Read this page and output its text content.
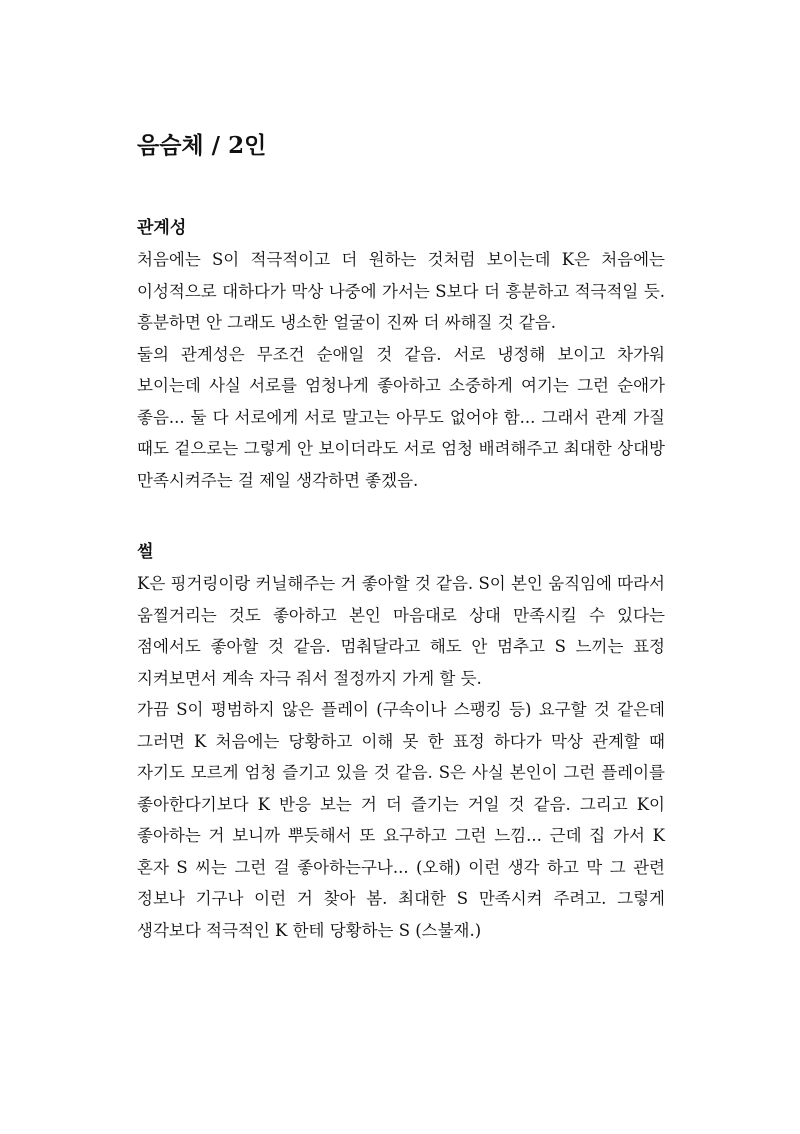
음슴체 / 2인
관계성

처음에는 S이 적극적이고 더 원하는 것처럼 보이는데 K은 처음에는 이성적으로 대하다가 막상 나중에 가서는 S보다 더 흥분하고 적극적일 듯. 흥분하면 안 그래도 냉소한 얼굴이 진짜 더 싸해질 것 같음.

둘의 관계성은 무조건 순애일 것 같음. 서로 냉정해 보이고 차가워 보이는데 사실 서로를 엄청나게 좋아하고 소중하게 여기는 그런 순애가 좋음... 둘 다 서로에게 서로 말고는 아무도 없어야 함... 그래서 관계 가질 때도 겉으로는 그렇게 안 보이더라도 서로 엄청 배려해주고 최대한 상대방 만족시켜주는 걸 제일 생각하면 좋겠음.

썰

K은 핑거링이랑 커닐해주는 거 좋아할 것 같음. S이 본인 움직임에 따라서 움찔거리는 것도 좋아하고 본인 마음대로 상대 만족시킬 수 있다는 점에서도 좋아할 것 같음. 멈춰달라고 해도 안 멈추고 S 느끼는 표정 지켜보면서 계속 자극 줘서 절정까지 가게 할 듯.

가끔 S이 평범하지 않은 플레이 (구속이나 스팽킹 등) 요구할 것 같은데 그러면 K 처음에는 당황하고 이해 못 한 표정 하다가 막상 관계할 때 자기도 모르게 엄청 즐기고 있을 것 같음. S은 사실 본인이 그런 플레이를 좋아한다기보다 K 반응 보는 거 더 즐기는 거일 것 같음. 그리고 K이 좋아하는 거 보니까 뿌듯해서 또 요구하고 그런 느낌... 근데 집 가서 K 혼자 S 씨는 그런 걸 좋아하는구나... (오해) 이런 생각 하고 막 그 관련 정보나 기구나 이런 거 찾아 봄. 최대한 S 만족시켜 주려고. 그렇게 생각보다 적극적인 K 한테 당황하는 S (스불재.)
